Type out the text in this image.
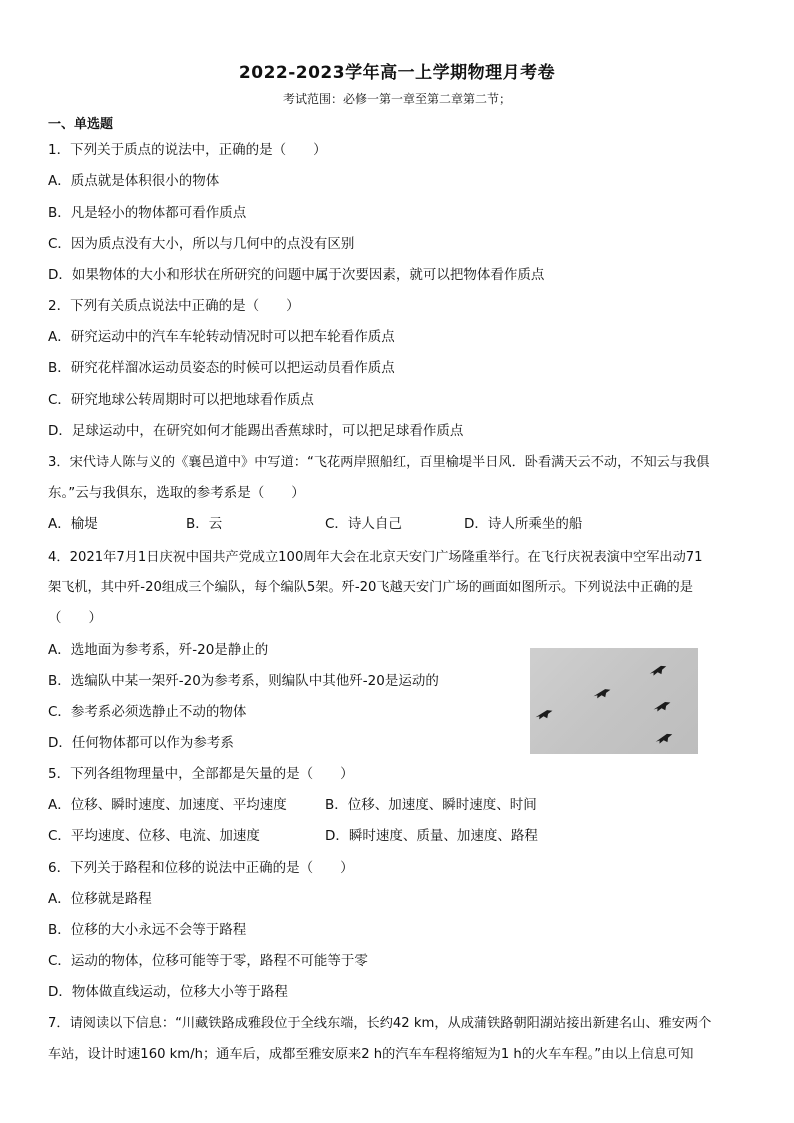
2022-2023学年高一上学期物理月考卷
考试范围：必修一第一章至第二章第二节；
一、单选题
1．下列关于质点的说法中，正确的是（　　）
A．质点就是体积很小的物体
B．凡是轻小的物体都可看作质点
C．因为质点没有大小，所以与几何中的点没有区别
D．如果物体的大小和形状在所研究的问题中属于次要因素，就可以把物体看作质点
2．下列有关质点说法中正确的是（　　）
A．研究运动中的汽车车轮转动情况时可以把车轮看作质点
B．研究花样溜冰运动员姿态的时候可以把运动员看作质点
C．研究地球公转周期时可以把地球看作质点
D．足球运动中，在研究如何才能踢出香蕉球时，可以把足球看作质点
3．宋代诗人陈与义的《襄邑道中》中写道：“飞花两岸照船红，百里榆堤半日风．卧看满天云不动，不知云与我俱
东。”云与我俱东，选取的参考系是（　　）
A．榆堤	B．云	C．诗人自己	D．诗人所乘坐的船
4．2021年7月1日庆祝中国共产党成立100周年大会在北京天安门广场隆重举行。在飞行庆祝表演中空军出动71
架飞机，其中歼-20组成三个编队，每个编队5架。歼-20飞越天安门广场的画面如图所示。下列说法中正确的是
（　　）
A．选地面为参考系，歼-20是静止的
B．选编队中某一架歼-20为参考系，则编队中其他歼-20是运动的
C．参考系必须选静止不动的物体
D．任何物体都可以作为参考系
5．下列各组物理量中，全部都是矢量的是（　　）
A．位移、瞬时速度、加速度、平均速度	B．位移、加速度、瞬时速度、时间
C．平均速度、位移、电流、加速度	D．瞬时速度、质量、加速度、路程
6．下列关于路程和位移的说法中正确的是（　　）
A．位移就是路程
B．位移的大小永远不会等于路程
C．运动的物体，位移可能等于零，路程不可能等于零
D．物体做直线运动，位移大小等于路程
7．请阅读以下信息：“川藏铁路成雅段位于全线东端，长约42 km，从成蒲铁路朝阳湖站接出新建名山、雅安两个
车站，设计时速160 km/h；通车后，成都至雅安原来2 h的汽车车程将缩短为1 h的火车车程。”由以上信息可知
